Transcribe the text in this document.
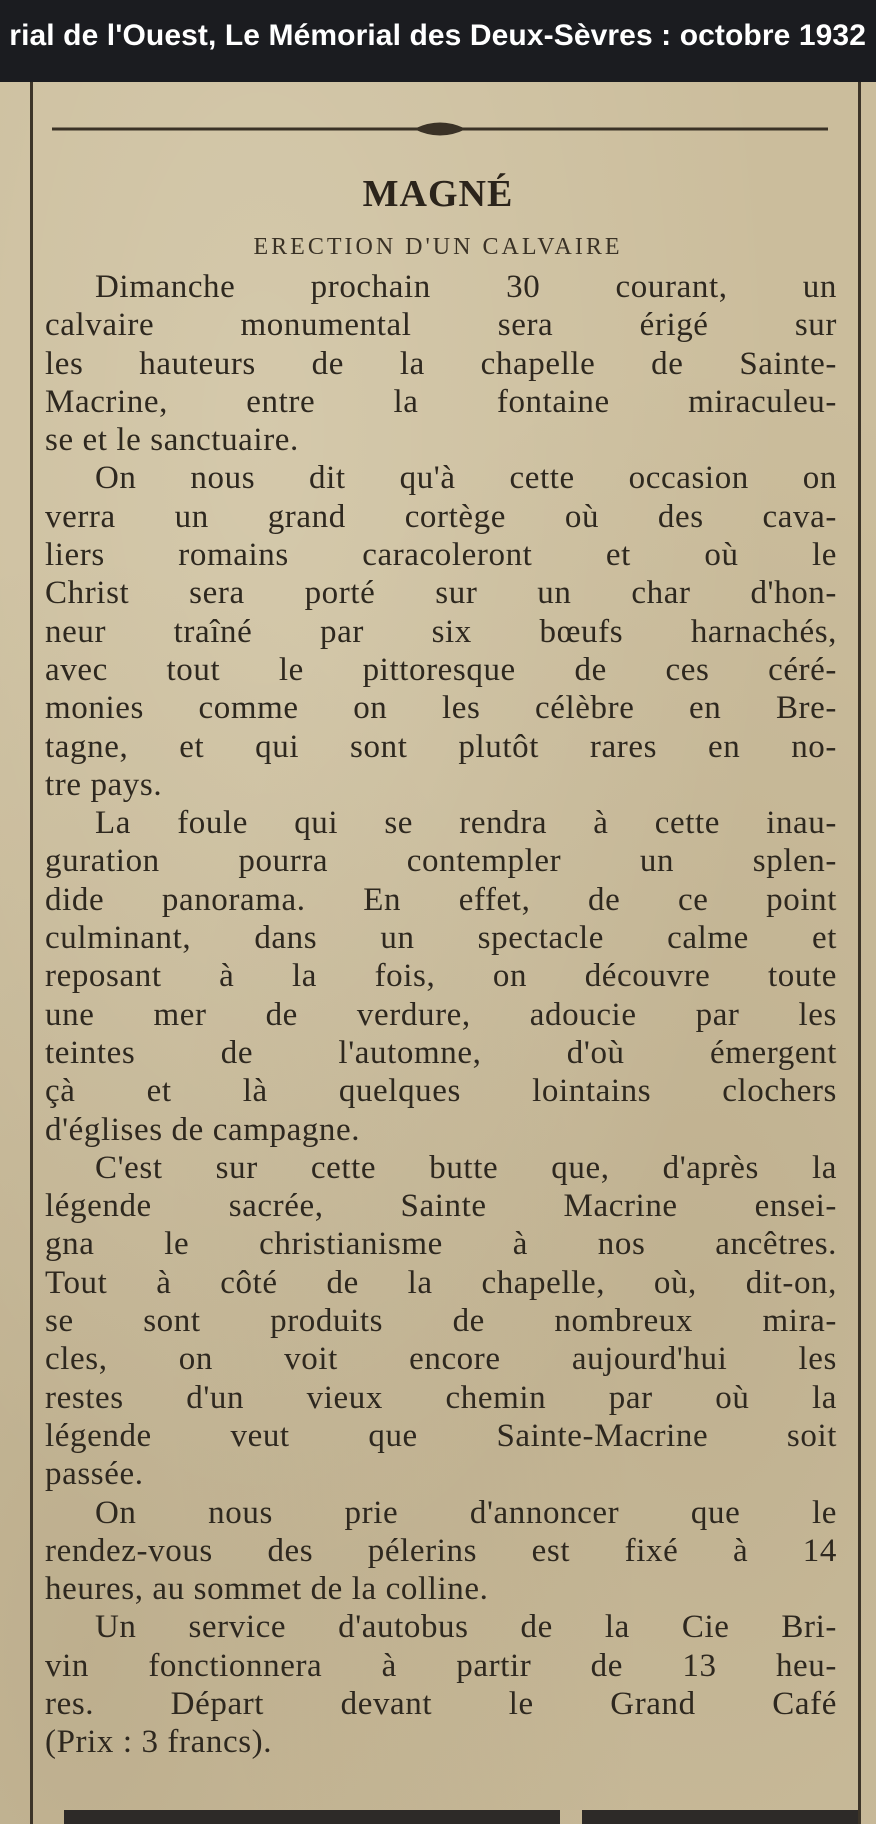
rial de l'Ouest, Le Mémorial des Deux-Sèvres : octobre 1932
MAGNÉ
ERECTION D'UN CALVAIRE
Dimanche prochain 30 courant, un
calvaire monumental sera érigé sur
les hauteurs de la chapelle de Sainte-
Macrine, entre la fontaine miraculeu-
se et le sanctuaire.
On nous dit qu'à cette occasion on
verra un grand cortège où des cava-
liers romains caracoleront et où le
Christ sera porté sur un char d'hon-
neur traîné par six bœufs harnachés,
avec tout le pittoresque de ces céré-
monies comme on les célèbre en Bre-
tagne, et qui sont plutôt rares en no-
tre pays.
La foule qui se rendra à cette inau-
guration pourra contempler un splen-
dide panorama. En effet, de ce point
culminant, dans un spectacle calme et
reposant à la fois, on découvre toute
une mer de verdure, adoucie par les
teintes de l'automne, d'où émergent
çà et là quelques lointains clochers
d'églises de campagne.
C'est sur cette butte que, d'après la
légende sacrée, Sainte Macrine ensei-
gna le christianisme à nos ancêtres.
Tout à côté de la chapelle, où, dit-on,
se sont produits de nombreux mira-
cles, on voit encore aujourd'hui les
restes d'un vieux chemin par où la
légende veut que Sainte-Macrine soit
passée.
On nous prie d'annoncer que le
rendez-vous des pélerins est fixé à 14
heures, au sommet de la colline.
Un service d'autobus de la Cie Bri-
vin fonctionnera à partir de 13 heu-
res. Départ devant le Grand Café
(Prix : 3 francs).
